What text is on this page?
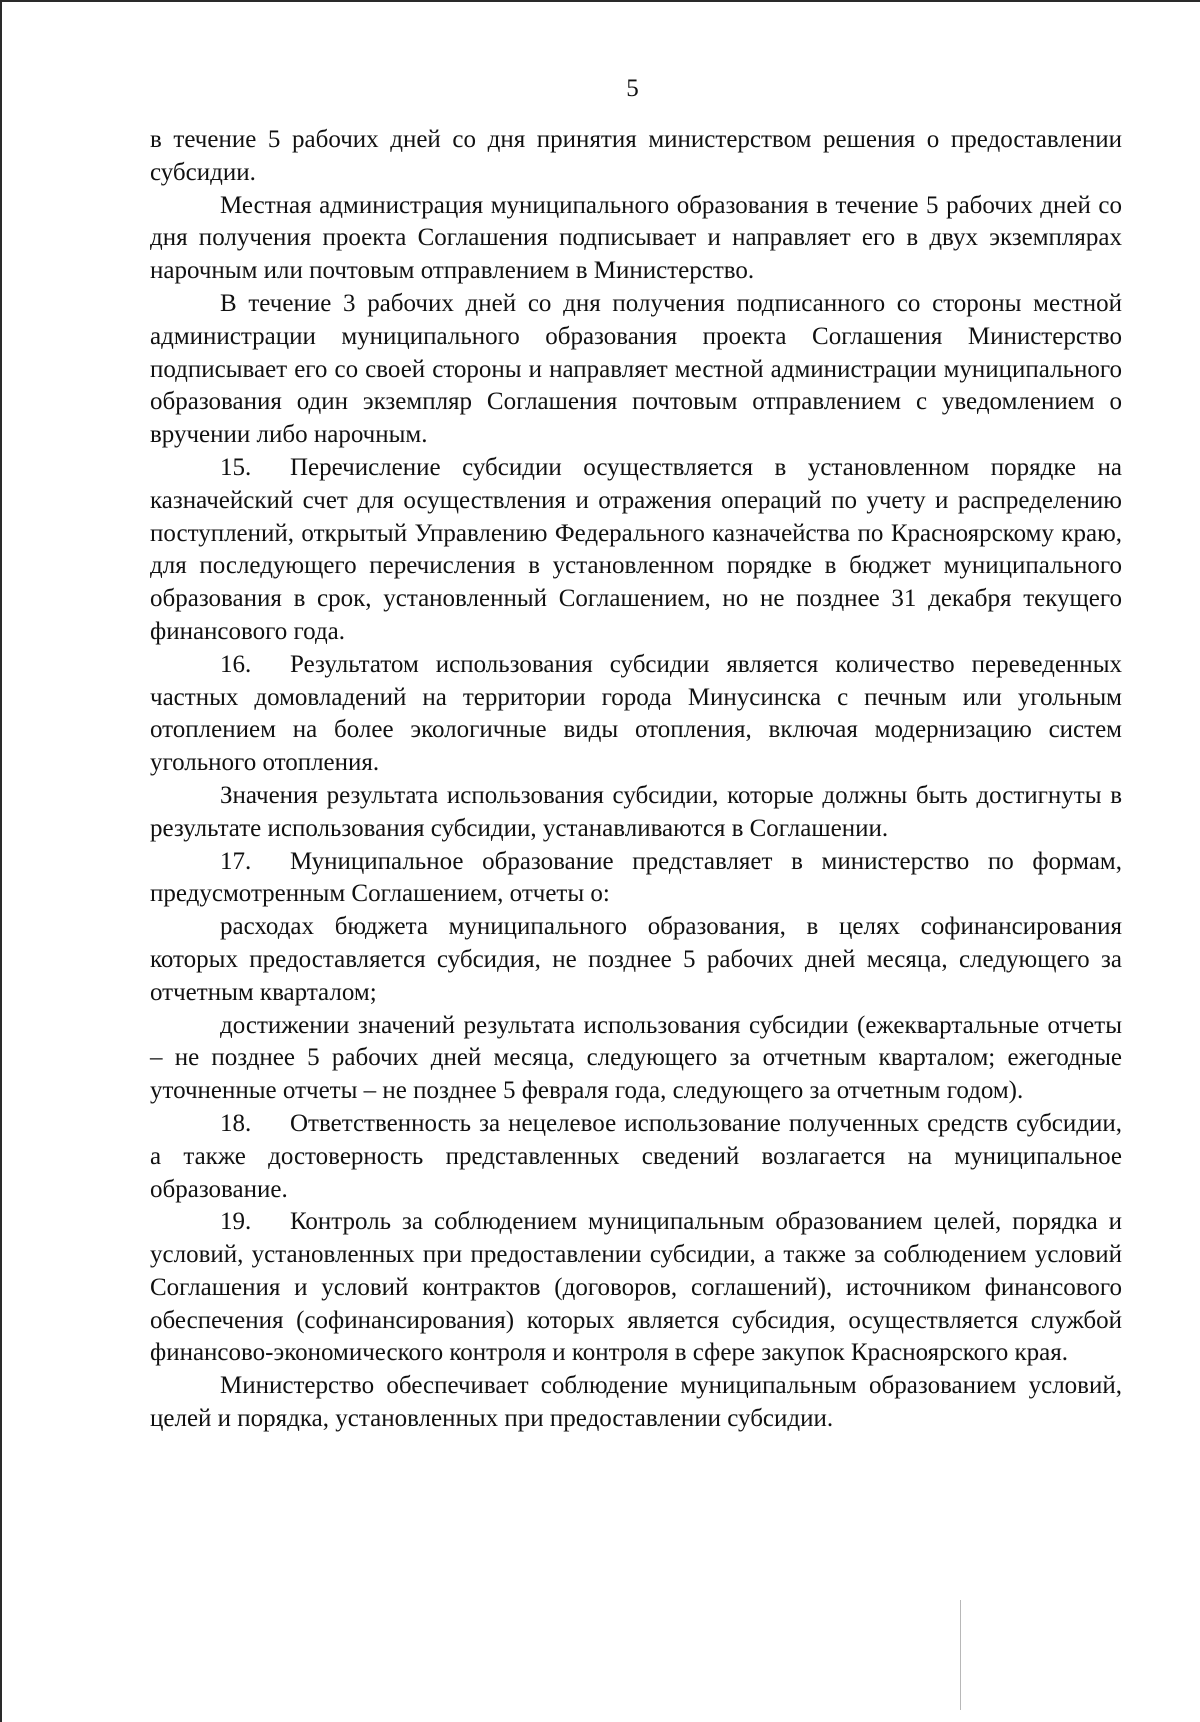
5

в течение 5 рабочих дней со дня принятия министерством решения о предоставлении субсидии.

Местная администрация муниципального образования в течение 5 рабочих дней со дня получения проекта Соглашения подписывает и направляет его в двух экземплярах нарочным или почтовым отправлением в Министерство.

В течение 3 рабочих дней со дня получения подписанного со стороны местной администрации муниципального образования проекта Соглашения Министерство подписывает его со своей стороны и направляет местной администрации муниципального образования один экземпляр Соглашения почтовым отправлением с уведомлением о вручении либо нарочным.

15. Перечисление субсидии осуществляется в установленном порядке на казначейский счет для осуществления и отражения операций по учету и распределению поступлений, открытый Управлению Федерального казначейства по Красноярскому краю, для последующего перечисления в установленном порядке в бюджет муниципального образования в срок, установленный Соглашением, но не позднее 31 декабря текущего финансового года.

16. Результатом использования субсидии является количество переведенных частных домовладений на территории города Минусинска с печным или угольным отоплением на более экологичные виды отопления, включая модернизацию систем угольного отопления.

Значения результата использования субсидии, которые должны быть достигнуты в результате использования субсидии, устанавливаются в Соглашении.

17. Муниципальное образование представляет в министерство по формам, предусмотренным Соглашением, отчеты о:

расходах бюджета муниципального образования, в целях софинансирования которых предоставляется субсидия, не позднее 5 рабочих дней месяца, следующего за отчетным кварталом;

достижении значений результата использования субсидии (ежеквартальные отчеты – не позднее 5 рабочих дней месяца, следующего за отчетным кварталом; ежегодные уточненные отчеты – не позднее 5 февраля года, следующего за отчетным годом).

18. Ответственность за нецелевое использование полученных средств субсидии, а также достоверность представленных сведений возлагается на муниципальное образование.

19. Контроль за соблюдением муниципальным образованием целей, порядка и условий, установленных при предоставлении субсидии, а также за соблюдением условий Соглашения и условий контрактов (договоров, соглашений), источником финансового обеспечения (софинансирования) которых является субсидия, осуществляется службой финансово-экономического контроля и контроля в сфере закупок Красноярского края.

Министерство обеспечивает соблюдение муниципальным образованием условий, целей и порядка, установленных при предоставлении субсидии.
